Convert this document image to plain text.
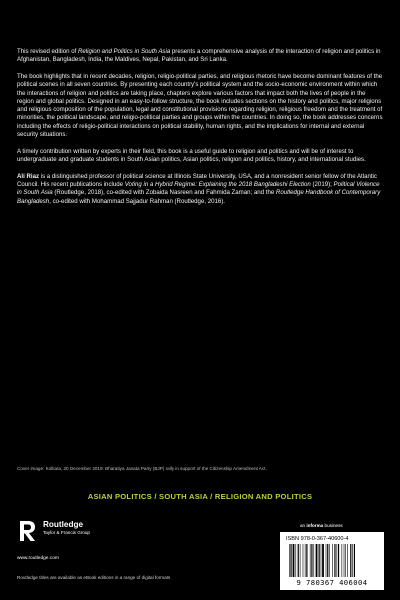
This revised edition of Religion and Politics in South Asia presents a comprehensive analysis of the interaction of religion and politics in Afghanistan, Bangladesh, India, the Maldives, Nepal, Pakistan, and Sri Lanka.

The book highlights that in recent decades, religion, religio-political parties, and religious rhetoric have become dominant features of the political scenes in all seven countries. By presenting each country's political system and the socio-economic environment within which the interactions of religion and politics are taking place, chapters explore various factors that impact both the lives of people in the region and global politics. Designed in an easy-to-follow structure, the book includes sections on the history and politics, major religions and religious composition of the population, legal and constitutional provisions regarding religion, religious freedom and the treatment of minorities, the political landscape, and religio-political parties and groups within the countries. In doing so, the book addresses concerns including the effects of religio-political interactions on political stability, human rights, and the implications for internal and external security situations.

A timely contribution written by experts in their field, this book is a useful guide to religion and politics and will be of interest to undergraduate and graduate students in South Asian politics, Asian politics, religion and politics, history, and international studies.

Ali Riaz is a distinguished professor of political science at Illinois State University, USA, and a nonresident senior fellow of the Atlantic Council. His recent publications include Voting in a Hybrid Regime: Explaining the 2018 Bangladeshi Election (2019); Political Violence in South Asia (Routledge, 2018), co-edited with Zobaida Nasreen and Fahmida Zaman; and the Routledge Handbook of Contemporary Bangladesh, co-edited with Mohammad Sajjadur Rahman (Routledge, 2016).

Cover image: Kolkata, 20 December 2019: Bharatiya Janata Party (BJP) rally in support of the Citizenship Amendment Act.
ASIAN POLITICS / SOUTH ASIA / RELIGION AND POLITICS
Routledge
Taylor & Francis Group
www.routledge.com
Routledge titles are available as eBook editions in a range of digital formats
an informa business
ISBN 978-0-367-40600-4
9 780367 406004
